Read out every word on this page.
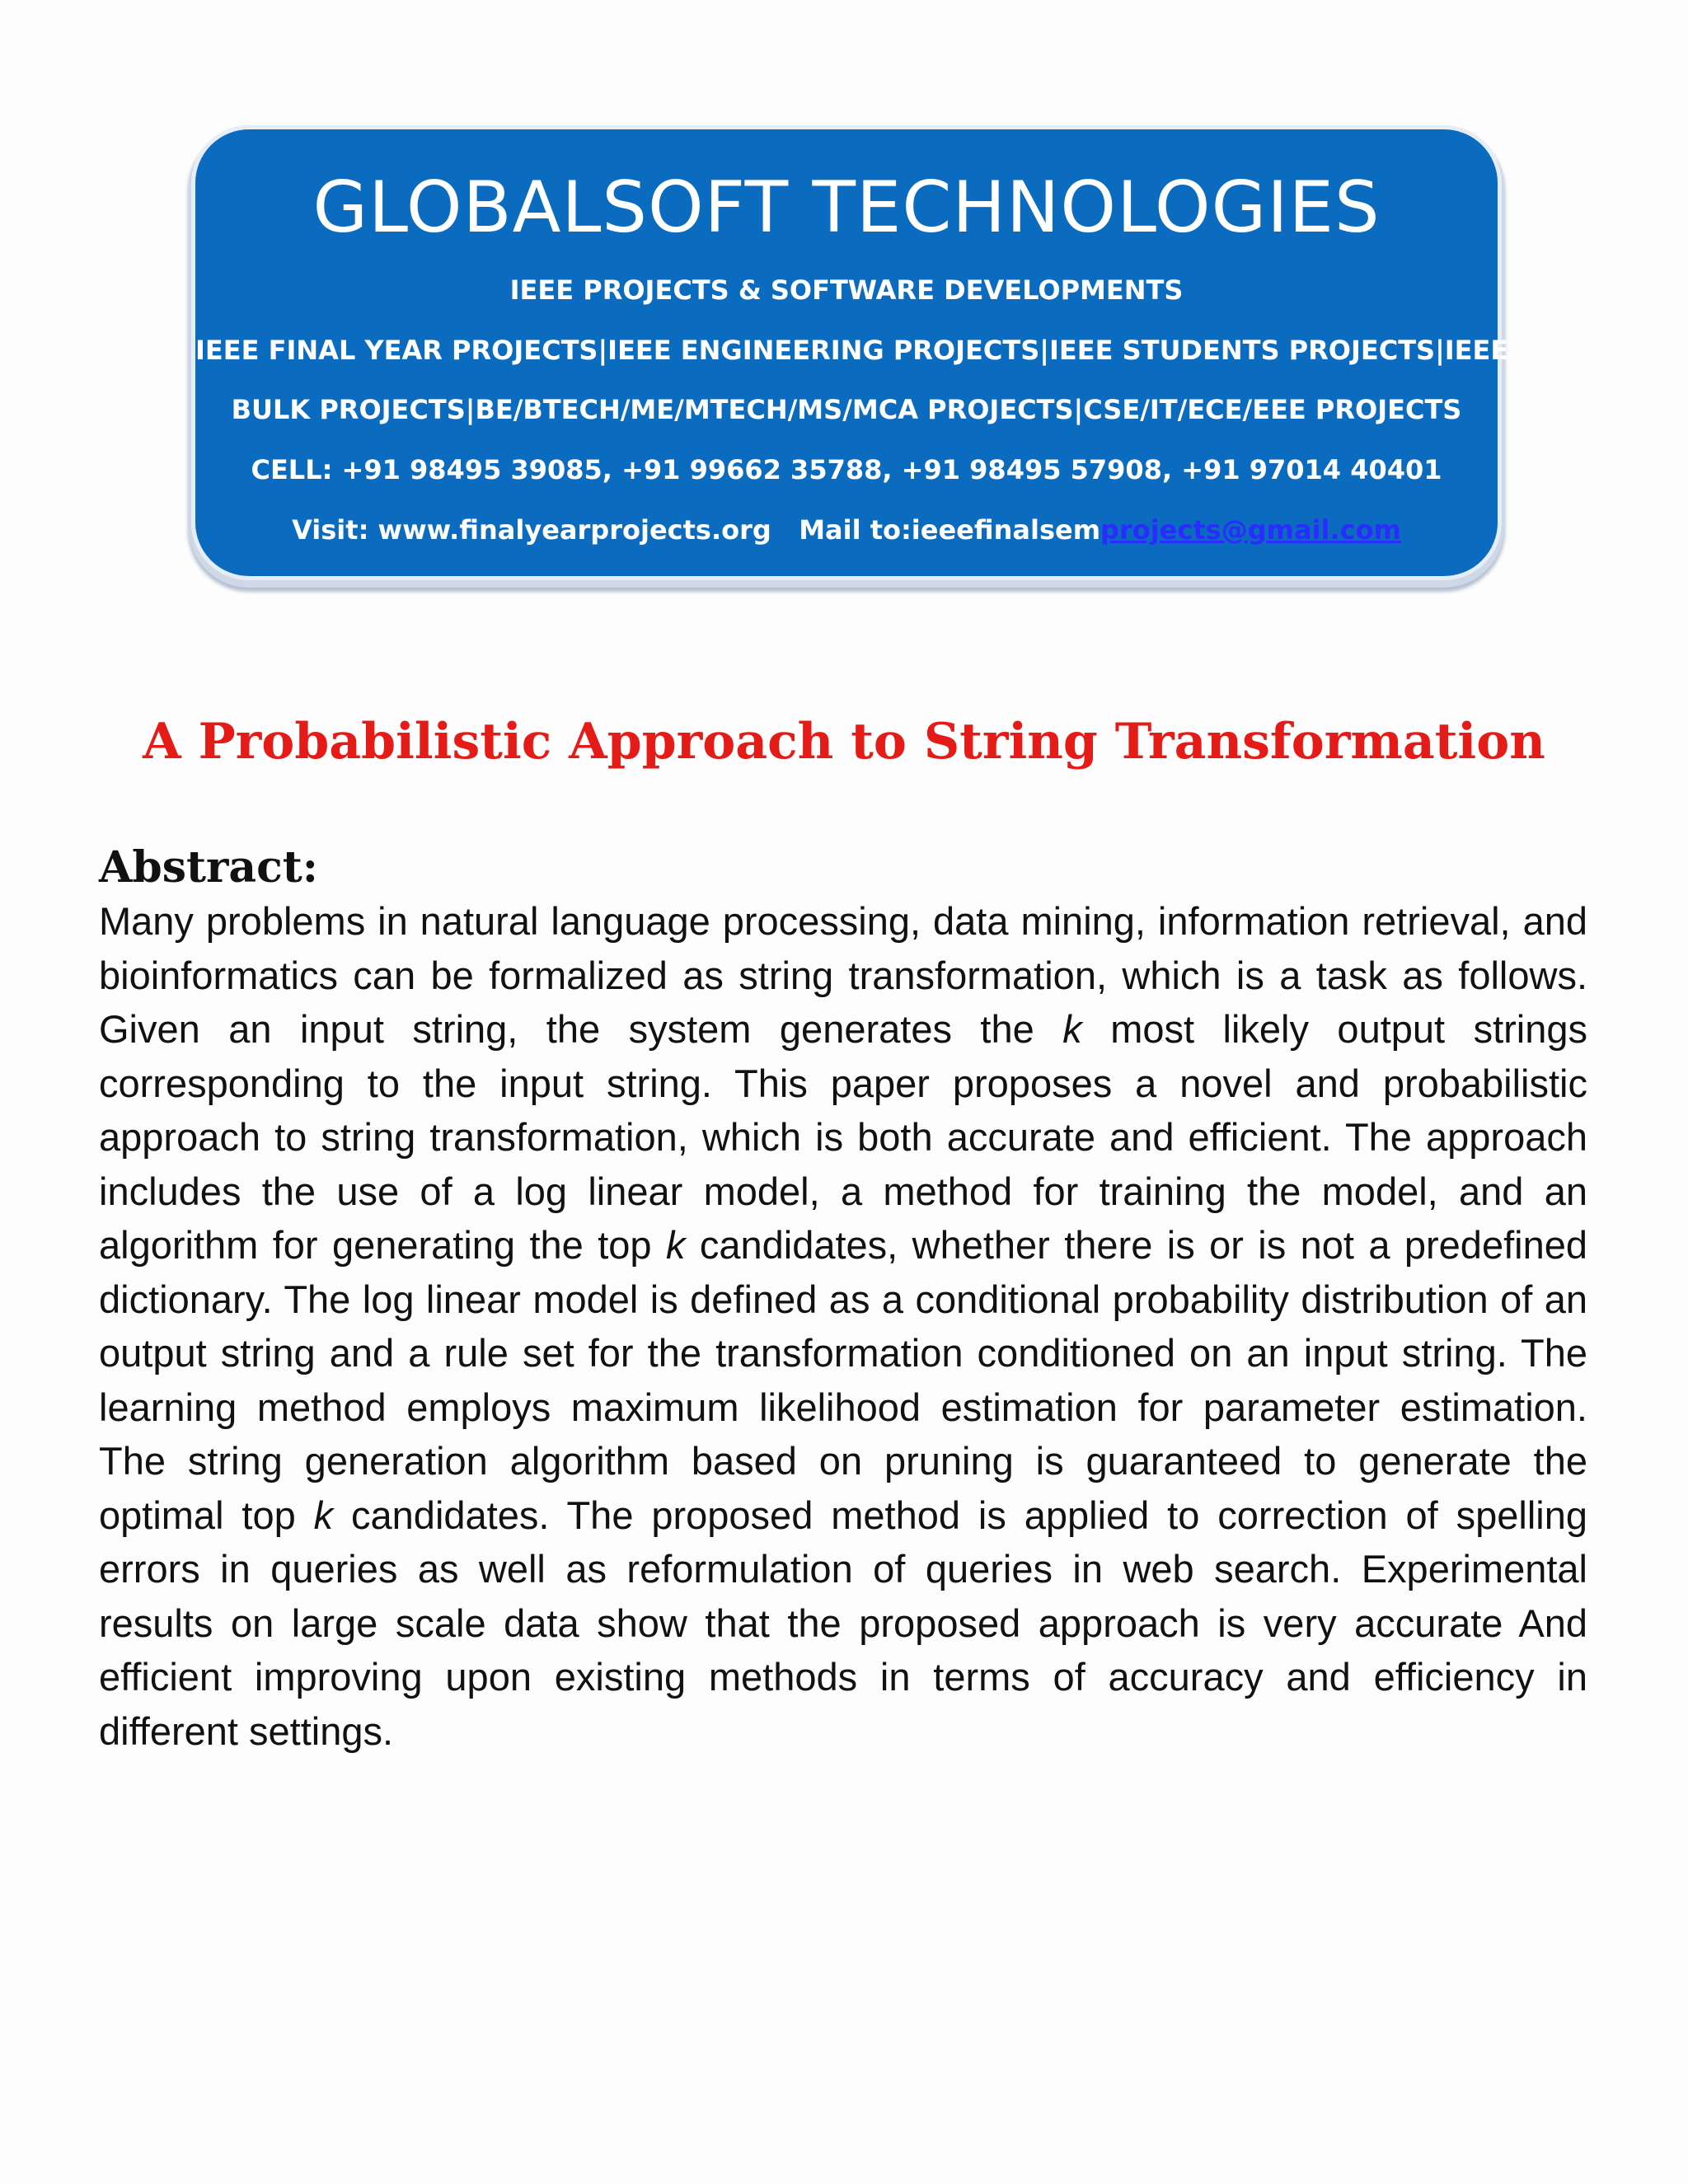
GLOBALSOFT TECHNOLOGIES
IEEE PROJECTS & SOFTWARE DEVELOPMENTS
IEEE FINAL YEAR PROJECTS|IEEE ENGINEERING PROJECTS|IEEE STUDENTS PROJECTS|IEEE
BULK PROJECTS|BE/BTECH/ME/MTECH/MS/MCA PROJECTS|CSE/IT/ECE/EEE PROJECTS
CELL: +91 98495 39085, +91 99662 35788, +91 98495 57908, +91 97014 40401
Visit: www.finalyearprojects.org Mail to:ieeefinalsemprojects@gmail.com
A Probabilistic Approach to String Transformation
Abstract:
Many problems in natural language processing, data mining, information retrieval, and bioinformatics can be formalized as string transformation, which is a task as follows. Given an input string, the system generates the k most likely output strings corresponding to the input string. This paper proposes a novel and probabilistic approach to string transformation, which is both accurate and efficient. The approach includes the use of a log linear model, a method for training the model, and an algorithm for generating the top k candidates, whether there is or is not a predefined dictionary. The log linear model is defined as a conditional probability distribution of an output string and a rule set for the transformation conditioned on an input string. The learning method employs maximum likelihood estimation for parameter estimation. The string generation algorithm based on pruning is guaranteed to generate the optimal top k candidates. The proposed method is applied to correction of spelling errors in queries as well as reformulation of queries in web search. Experimental results on large scale data show that the proposed approach is very accurate And efficient improving upon existing methods in terms of accuracy and efficiency in different settings.
